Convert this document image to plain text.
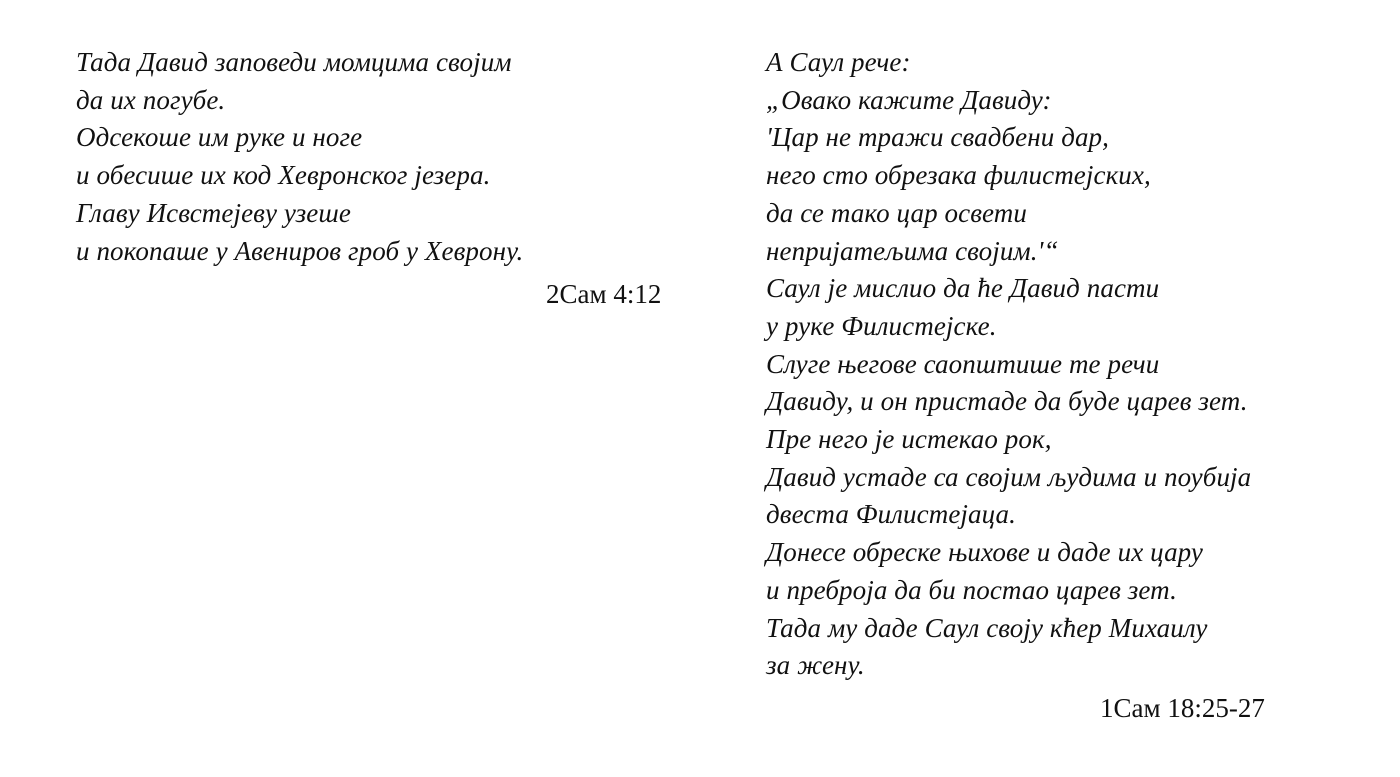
Тада Давид заповеди момцима својим
да их погубе.
Одсекоше им руке и ноге
и обесише их код Хевронског језера.
Главу Исвстејеву узеше
и покопаше у Авениров гроб у Хеврону.
2Сам 4:12
А Саул рече:
„Овако кажите Давиду:
'Цар не тражи свадбени дар,
него сто обрезака филистејских,
да се тако цар освети
непријатељима својим.'“
Саул је мислио да ће Давид пасти
у руке Филистејске.
Слуге његове саопштише те речи
Давиду, и он пристаде да буде царев зет.
Пре него је истекао рок,
Давид устаде са својим људима и поубија
двеста Филистејаца.
Донесе обреске њихове и даде их цару
и преброја да би постао царев зет.
Тада му даде Саул своју кћер Михаилу
за жену.
1Сам 18:25-27
